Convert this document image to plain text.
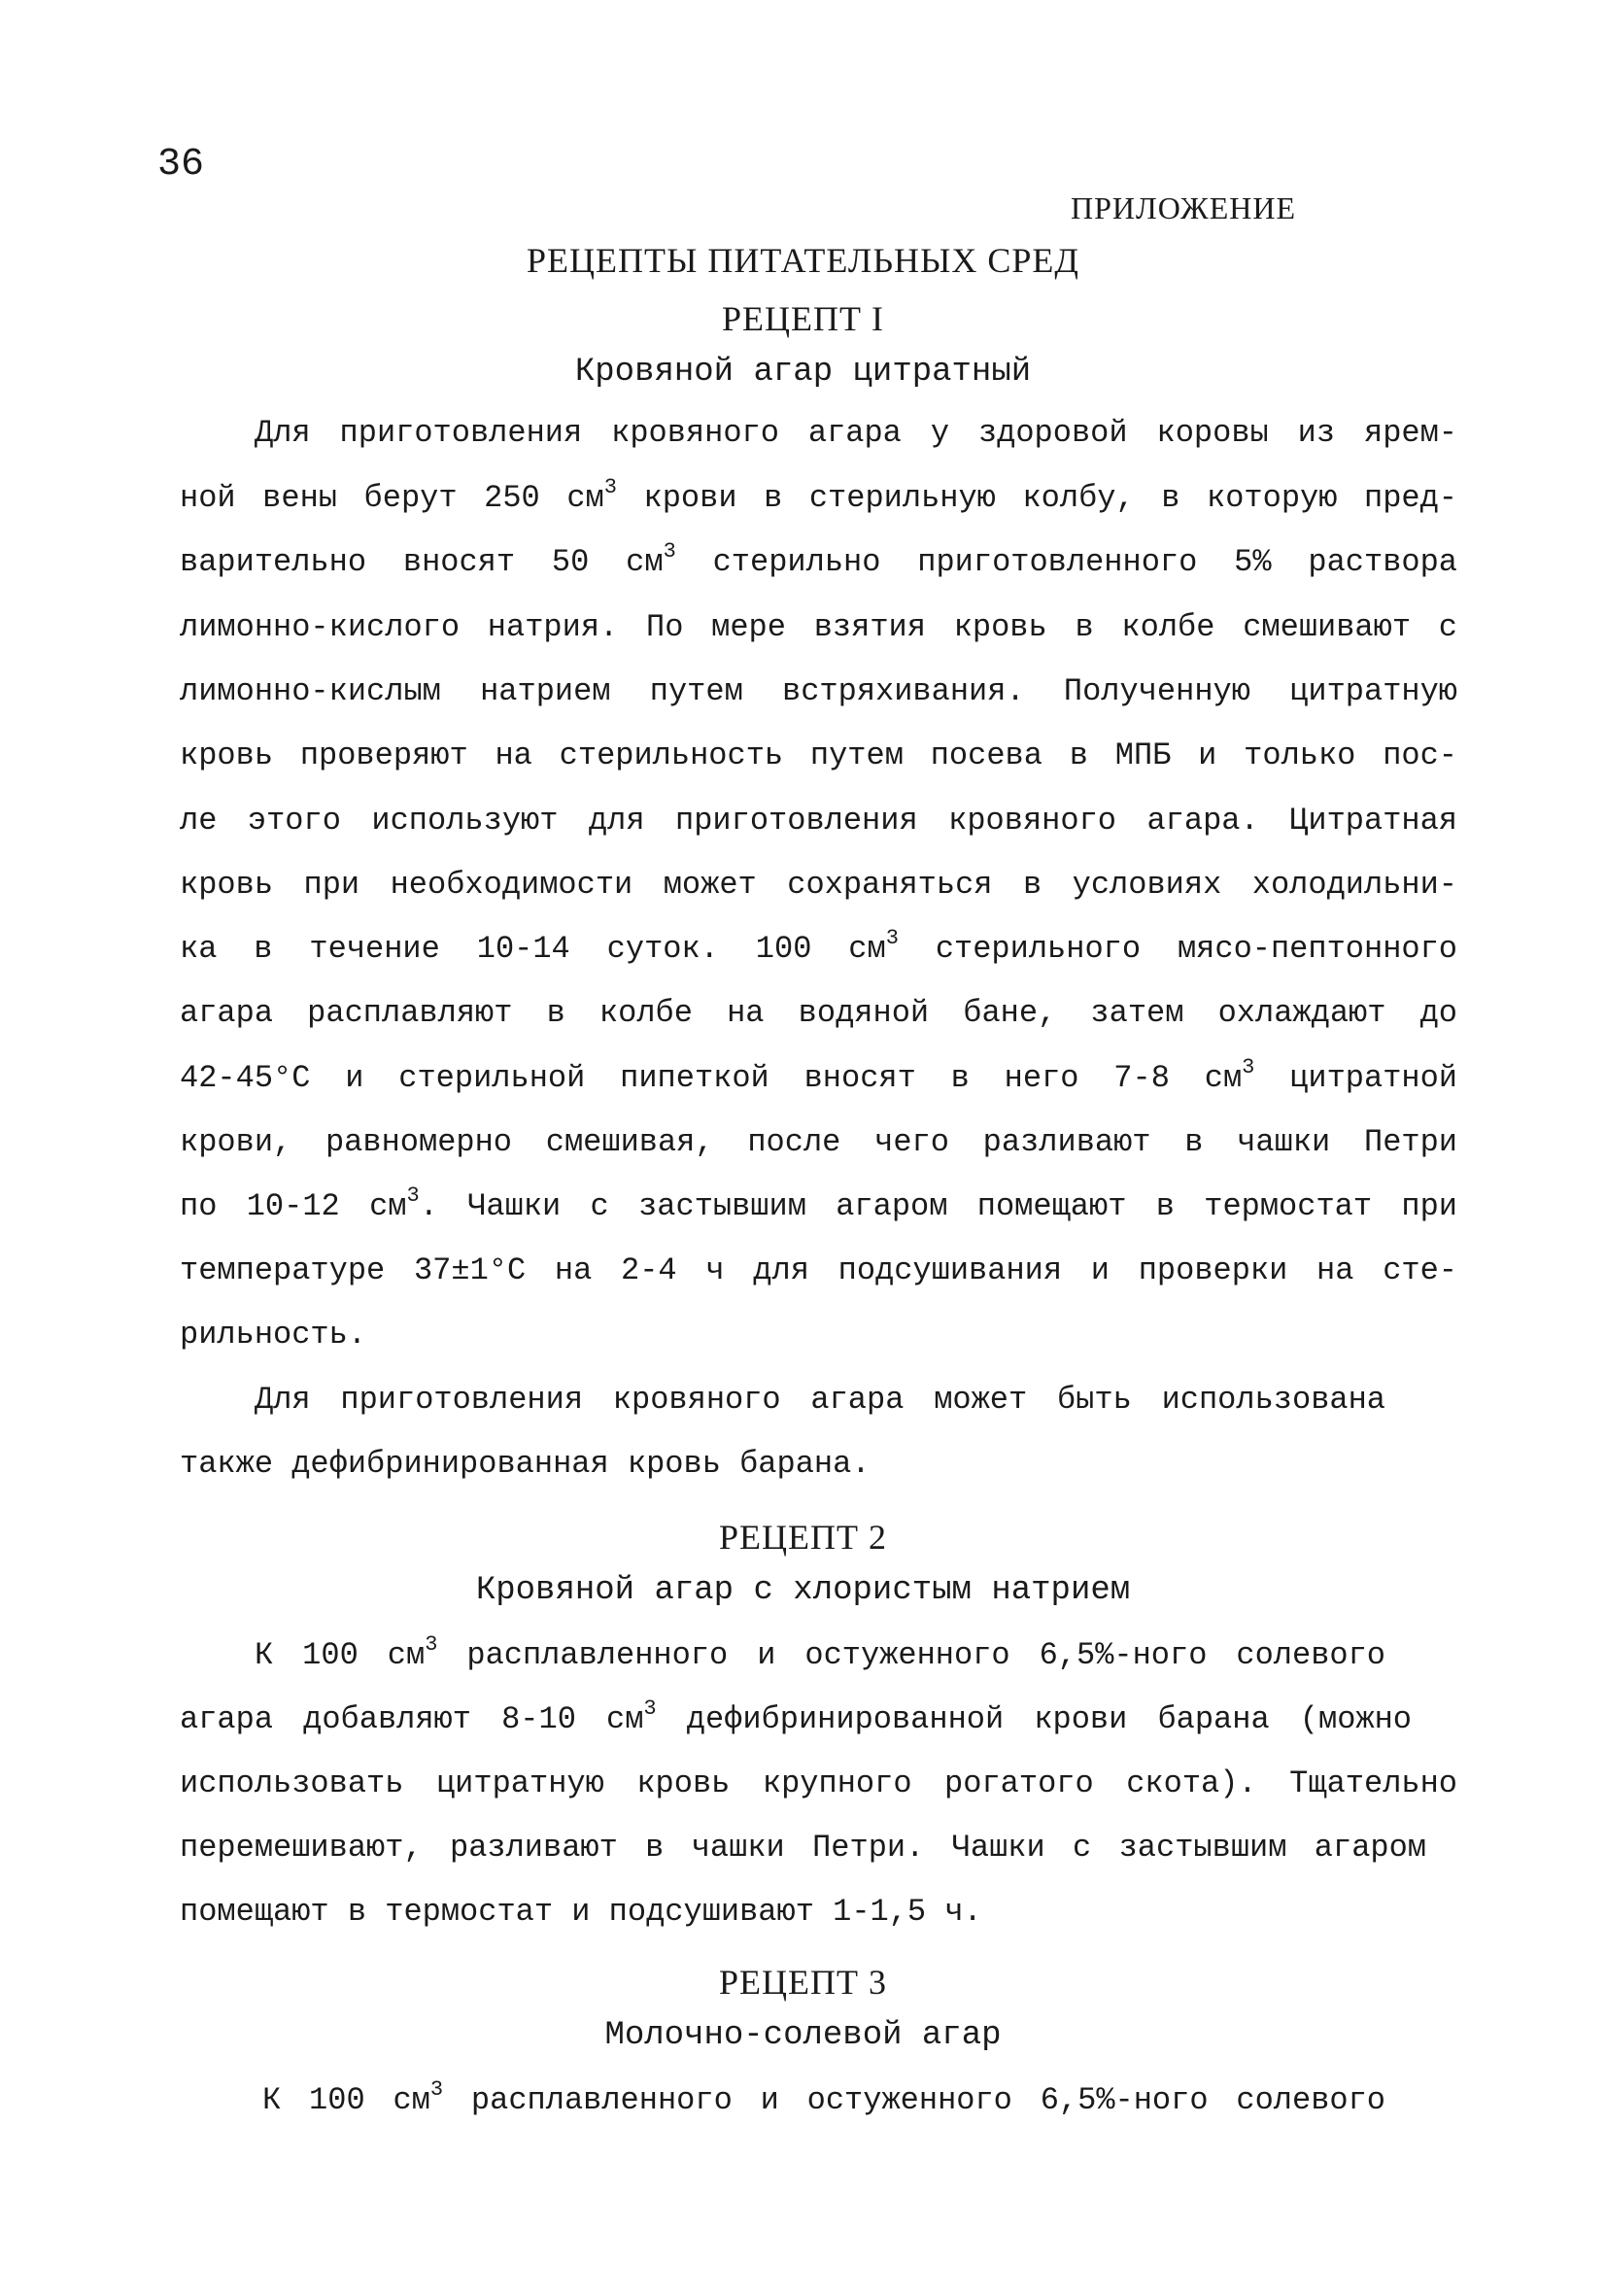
36
ПРИЛОЖЕНИЕ
РЕЦЕПТЫ ПИТАТЕЛЬНЫХ СРЕД
РЕЦЕПТ I
Кровяной агар цитратный
Для приготовления кровяного агара у здоровой коровы из ярем-
ной вены берут 250 $см^3$ крови в стерильную колбу, в которую пред-
варительно вносят 50 $см^3$ стерильно приготовленного 5% раствора
лимонно-кислого натрия. По мере взятия кровь в колбе смешивают с
лимонно-кислым натрием путем встряхивания. Полученную цитратную
кровь проверяют на стерильность путем посева в МПБ и только пос-
ле этого используют для приготовления кровяного агара. Цитратная
кровь при необходимости может сохраняться в условиях холодильни-
ка в течение 10-14 суток. 100 $см^3$ стерильного мясо-пептонного
агара расплавляют в колбе на водяной бане, затем охлаждают до
42-45°С и стерильной пипеткой вносят в него 7-8 $см^3$ цитратной
крови, равномерно смешивая, после чего разливают в чашки Петри
по 10-12 $см^3$. Чашки с застывшим агаром помещают в термостат при
температуре 37±1°С на 2-4 ч для подсушивания и проверки на сте-
рильность.
Для приготовления кровяного агара может быть использована
также дефибринированная кровь барана.
РЕЦЕПТ 2
Кровяной агар с хлористым натрием
К 100 $см^3$ расплавленного и остуженного 6,5%-ного солевого
агара добавляют 8-10 $см^3$ дефибринированной крови барана (можно
использовать цитратную кровь крупного рогатого скота). Тщательно
перемешивают, разливают в чашки Петри. Чашки с застывшим агаром
помещают в термостат и подсушивают 1-1,5 ч.
РЕЦЕПТ 3
Молочно-солевой агар
К 100 $см^3$ расплавленного и остуженного 6,5%-ного солевого
